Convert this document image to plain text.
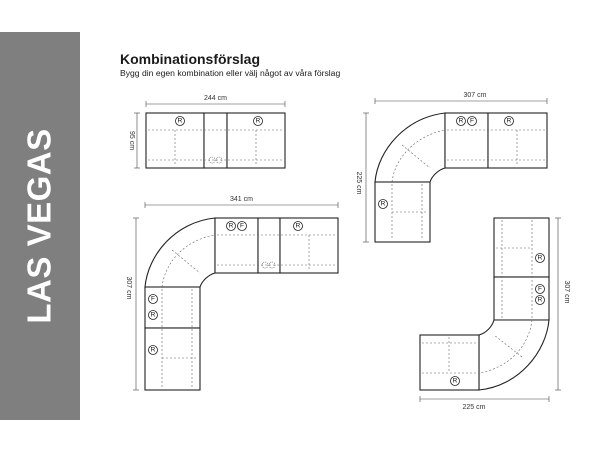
LAS VEGAS
Kombinationsförslag
Bygg din egen kombination eller välj något av våra förslag
244 cm
95 cm
R	R
307 cm
225 cm
R F	R
R
341 cm
307 cm
R F	R
F
R
R
225 cm
307 cm
R
F
R
R
